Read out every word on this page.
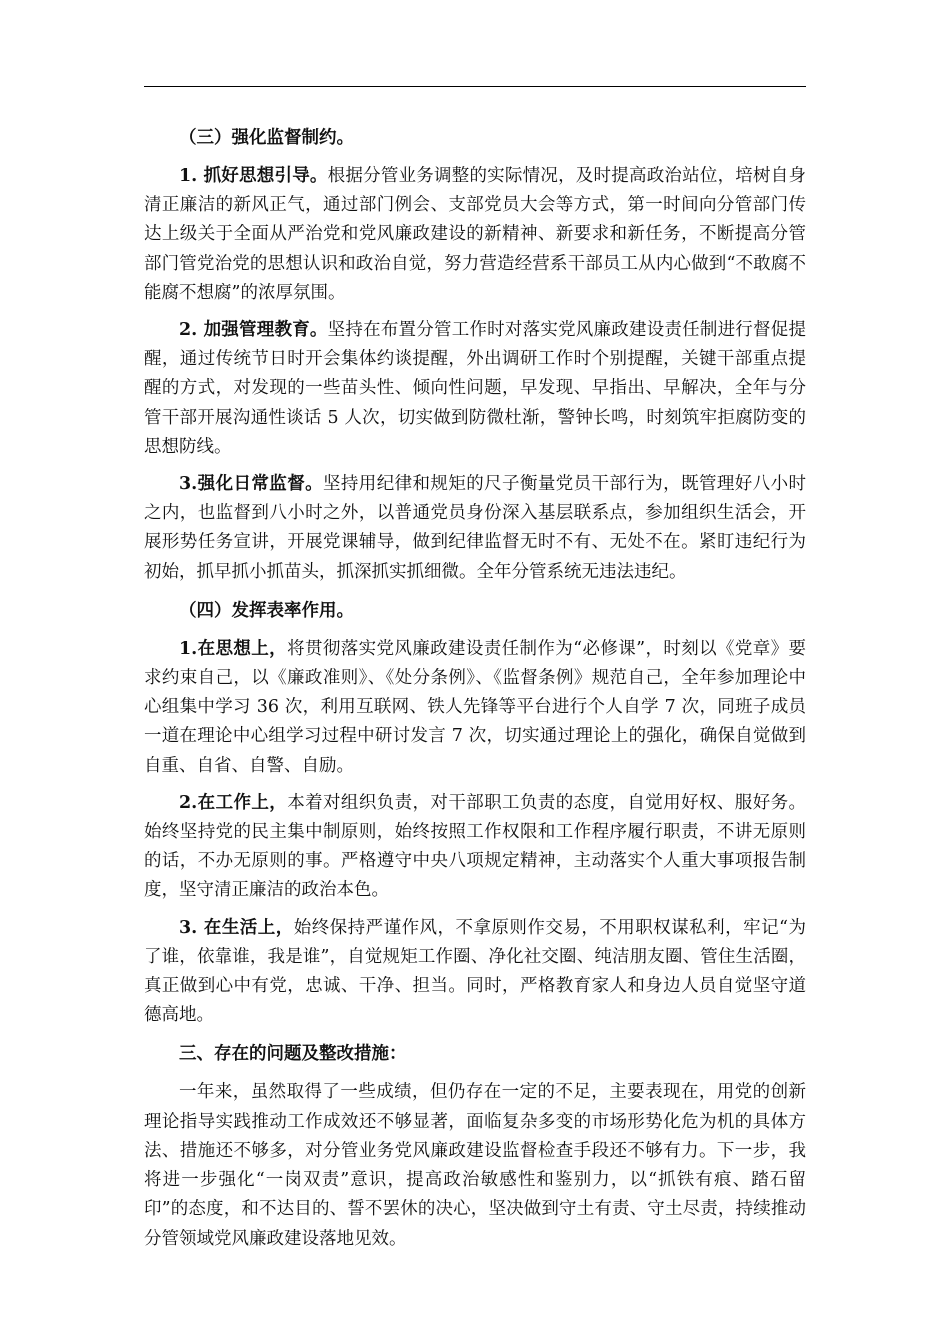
（三）强化监督制约。

1. 抓好思想引导。根据分管业务调整的实际情况，及时提高政治站位，培树自身清正廉洁的新风正气，通过部门例会、支部党员大会等方式，第一时间向分管部门传达上级关于全面从严治党和党风廉政建设的新精神、新要求和新任务，不断提高分管部门管党治党的思想认识和政治自觉，努力营造经营系干部员工从内心做到“不敢腐不能腐不想腐”的浓厚氛围。

2. 加强管理教育。坚持在布置分管工作时对落实党风廉政建设责任制进行督促提醒，通过传统节日时开会集体约谈提醒，外出调研工作时个别提醒，关键干部重点提醒的方式，对发现的一些苗头性、倾向性问题，早发现、早指出、早解决，全年与分管干部开展沟通性谈话 5 人次，切实做到防微杜渐，警钟长鸣，时刻筑牢拒腐防变的思想防线。

3.强化日常监督。坚持用纪律和规矩的尺子衡量党员干部行为，既管理好八小时之内，也监督到八小时之外，以普通党员身份深入基层联系点，参加组织生活会，开展形势任务宣讲，开展党课辅导，做到纪律监督无时不有、无处不在。紧盯违纪行为初始，抓早抓小抓苗头，抓深抓实抓细微。全年分管系统无违法违纪。

（四）发挥表率作用。

1.在思想上，将贯彻落实党风廉政建设责任制作为“必修课”，时刻以《党章》要求约束自己，以《廉政准则》、《处分条例》、《监督条例》规范自己，全年参加理论中心组集中学习 36 次，利用互联网、铁人先锋等平台进行个人自学 7 次，同班子成员一道在理论中心组学习过程中研讨发言 7 次，切实通过理论上的强化，确保自觉做到自重、自省、自警、自励。

2.在工作上，本着对组织负责，对干部职工负责的态度，自觉用好权、服好务。始终坚持党的民主集中制原则，始终按照工作权限和工作程序履行职责，不讲无原则的话，不办无原则的事。严格遵守中央八项规定精神，主动落实个人重大事项报告制度，坚守清正廉洁的政治本色。

3. 在生活上，始终保持严谨作风，不拿原则作交易，不用职权谋私利，牢记“为了谁，依靠谁，我是谁”，自觉规矩工作圈、净化社交圈、纯洁朋友圈、管住生活圈，真正做到心中有党，忠诚、干净、担当。同时，严格教育家人和身边人员自觉坚守道德高地。

三、存在的问题及整改措施：

一年来，虽然取得了一些成绩，但仍存在一定的不足，主要表现在，用党的创新理论指导实践推动工作成效还不够显著，面临复杂多变的市场形势化危为机的具体方法、措施还不够多，对分管业务党风廉政建设监督检查手段还不够有力。下一步，我将进一步强化“一岗双责”意识，提高政治敏感性和鉴别力，以“抓铁有痕、踏石留印”的态度，和不达目的、誓不罢休的决心，坚决做到守土有责、守土尽责，持续推动分管领域党风廉政建设落地见效。
